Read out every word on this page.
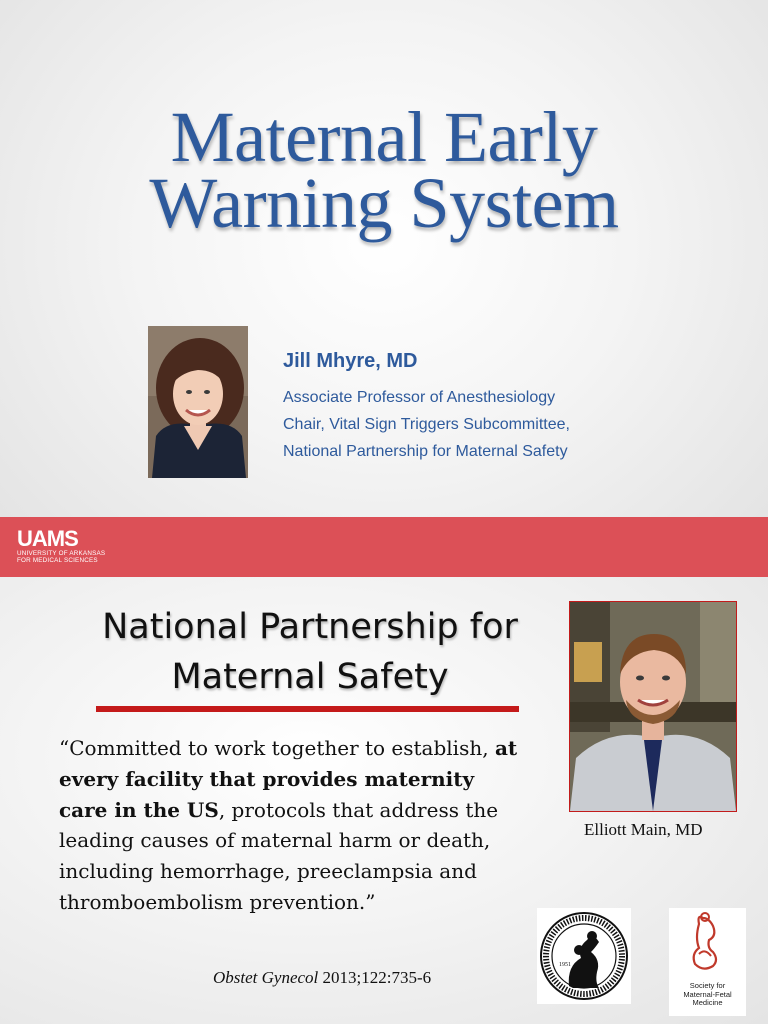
Maternal Early
Warning System
Jill Mhyre, MD
Associate Professor of Anesthesiology
Chair, Vital Sign Triggers Subcommittee,
National Partnership for Maternal Safety
UAMS
UNIVERSITY OF ARKANSAS
FOR MEDICAL SCIENCES
National Partnership for
Maternal Safety
“Committed to work together to establish, at every facility that provides maternity care in the US, protocols that address the leading causes of maternal harm or death, including hemorrhage, preeclampsia and thromboembolism prevention.”
Obstet Gynecol 2013;122:735-6
Elliott Main, MD
1951
Society for
Maternal-Fetal
Medicine
